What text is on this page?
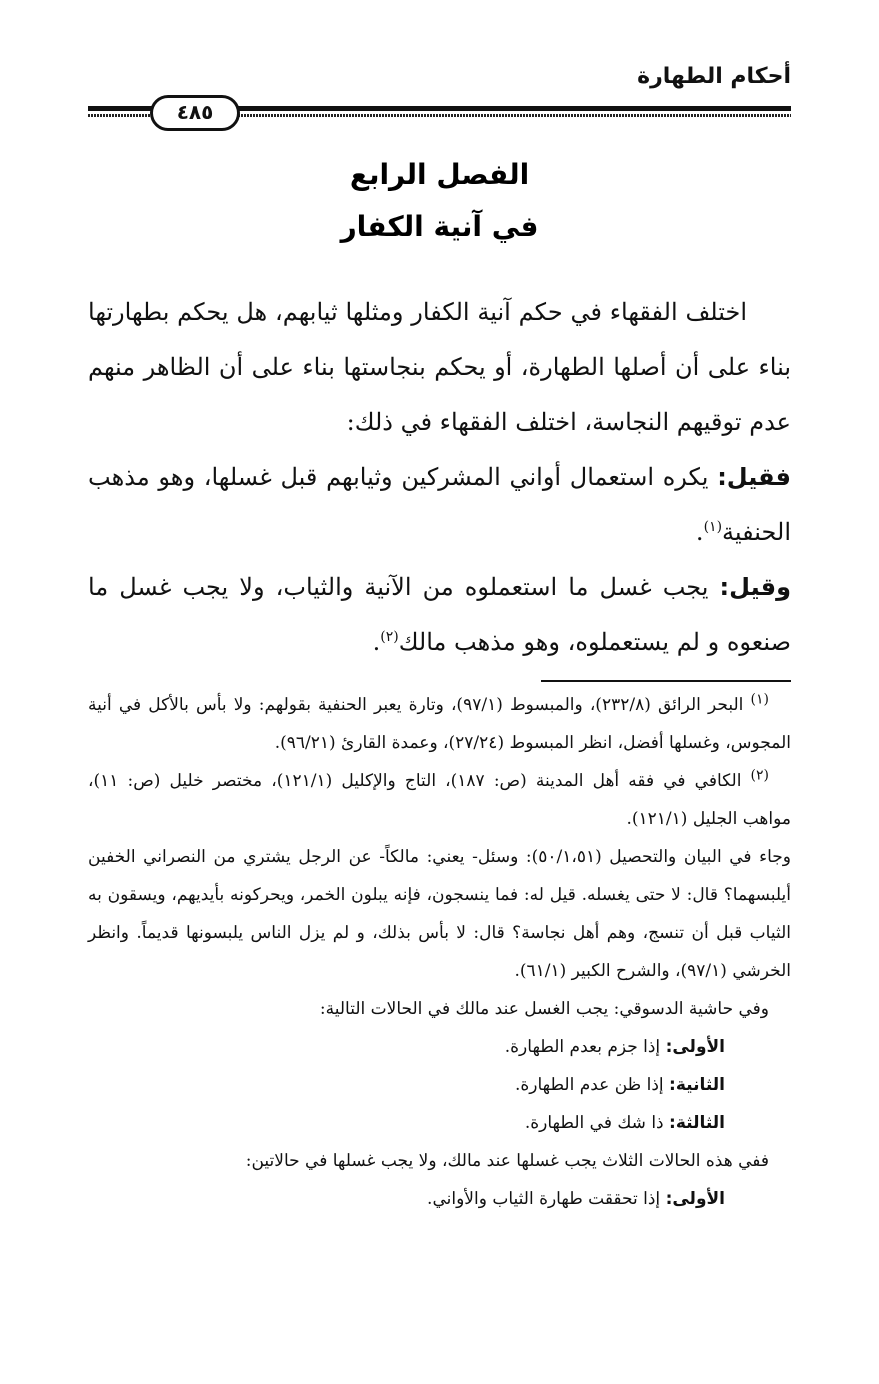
أحكام الطهارة
٤٨٥
الفصل الرابع
في آنية الكفار

اختلف الفقهاء في حكم آنية الكفار ومثلها ثيابهم، هل يحكم بطهارتها بناء على أن أصلها الطهارة، أو يحكم بنجاستها بناء على أن الظاهر منهم عدم توقيهم النجاسة، اختلف الفقهاء في ذلك:

فقيل: يكره استعمال أواني المشركين وثيابهم قبل غسلها، وهو مذهب الحنفية$^{(١)}$.

وقيل: يجب غسل ما استعملوه من الآنية والثياب، ولا يجب غسل ما صنعوه و لم يستعملوه، وهو مذهب مالك$^{(٢)}$.

$^{(١)}$ البحر الرائق (٢٣٢/٨)، والمبسوط (٩٧/١)، وتارة يعبر الحنفية بقولهم: ولا بأس بالأكل في أنية المجوس، وغسلها أفضل، انظر المبسوط (٢٧/٢٤)، وعمدة القارئ (٩٦/٢١).

$^{(٢)}$ الكافي في فقه أهل المدينة (ص: ١٨٧)، التاج والإكليل (١٢١/١)، مختصر خليل (ص: ١١)، مواهب الجليل (١٢١/١).

وجاء في البيان والتحصيل (٥٠/١،٥١): وسئل- يعني: مالكاً- عن الرجل يشتري من النصراني الخفين أيلبسهما؟ قال: لا حتى يغسله. قيل له: فما ينسجون، فإنه يبلون الخمر، ويحركونه بأيديهم، ويسقون به الثياب قبل أن تنسج، وهم أهل نجاسة؟ قال: لا بأس بذلك، و لم يزل الناس يلبسونها قديماً. وانظر الخرشي (٩٧/١)، والشرح الكبير (٦١/١).

وفي حاشية الدسوقي: يجب الغسل عند مالك في الحالات التالية:

الأولى: إذا جزم بعدم الطهارة.

الثانية: إذا ظن عدم الطهارة.

الثالثة: ذا شك في الطهارة.

ففي هذه الحالات الثلاث يجب غسلها عند مالك، ولا يجب غسلها في حالاتين:

الأولى: إذا تحققت طهارة الثياب والأواني.
